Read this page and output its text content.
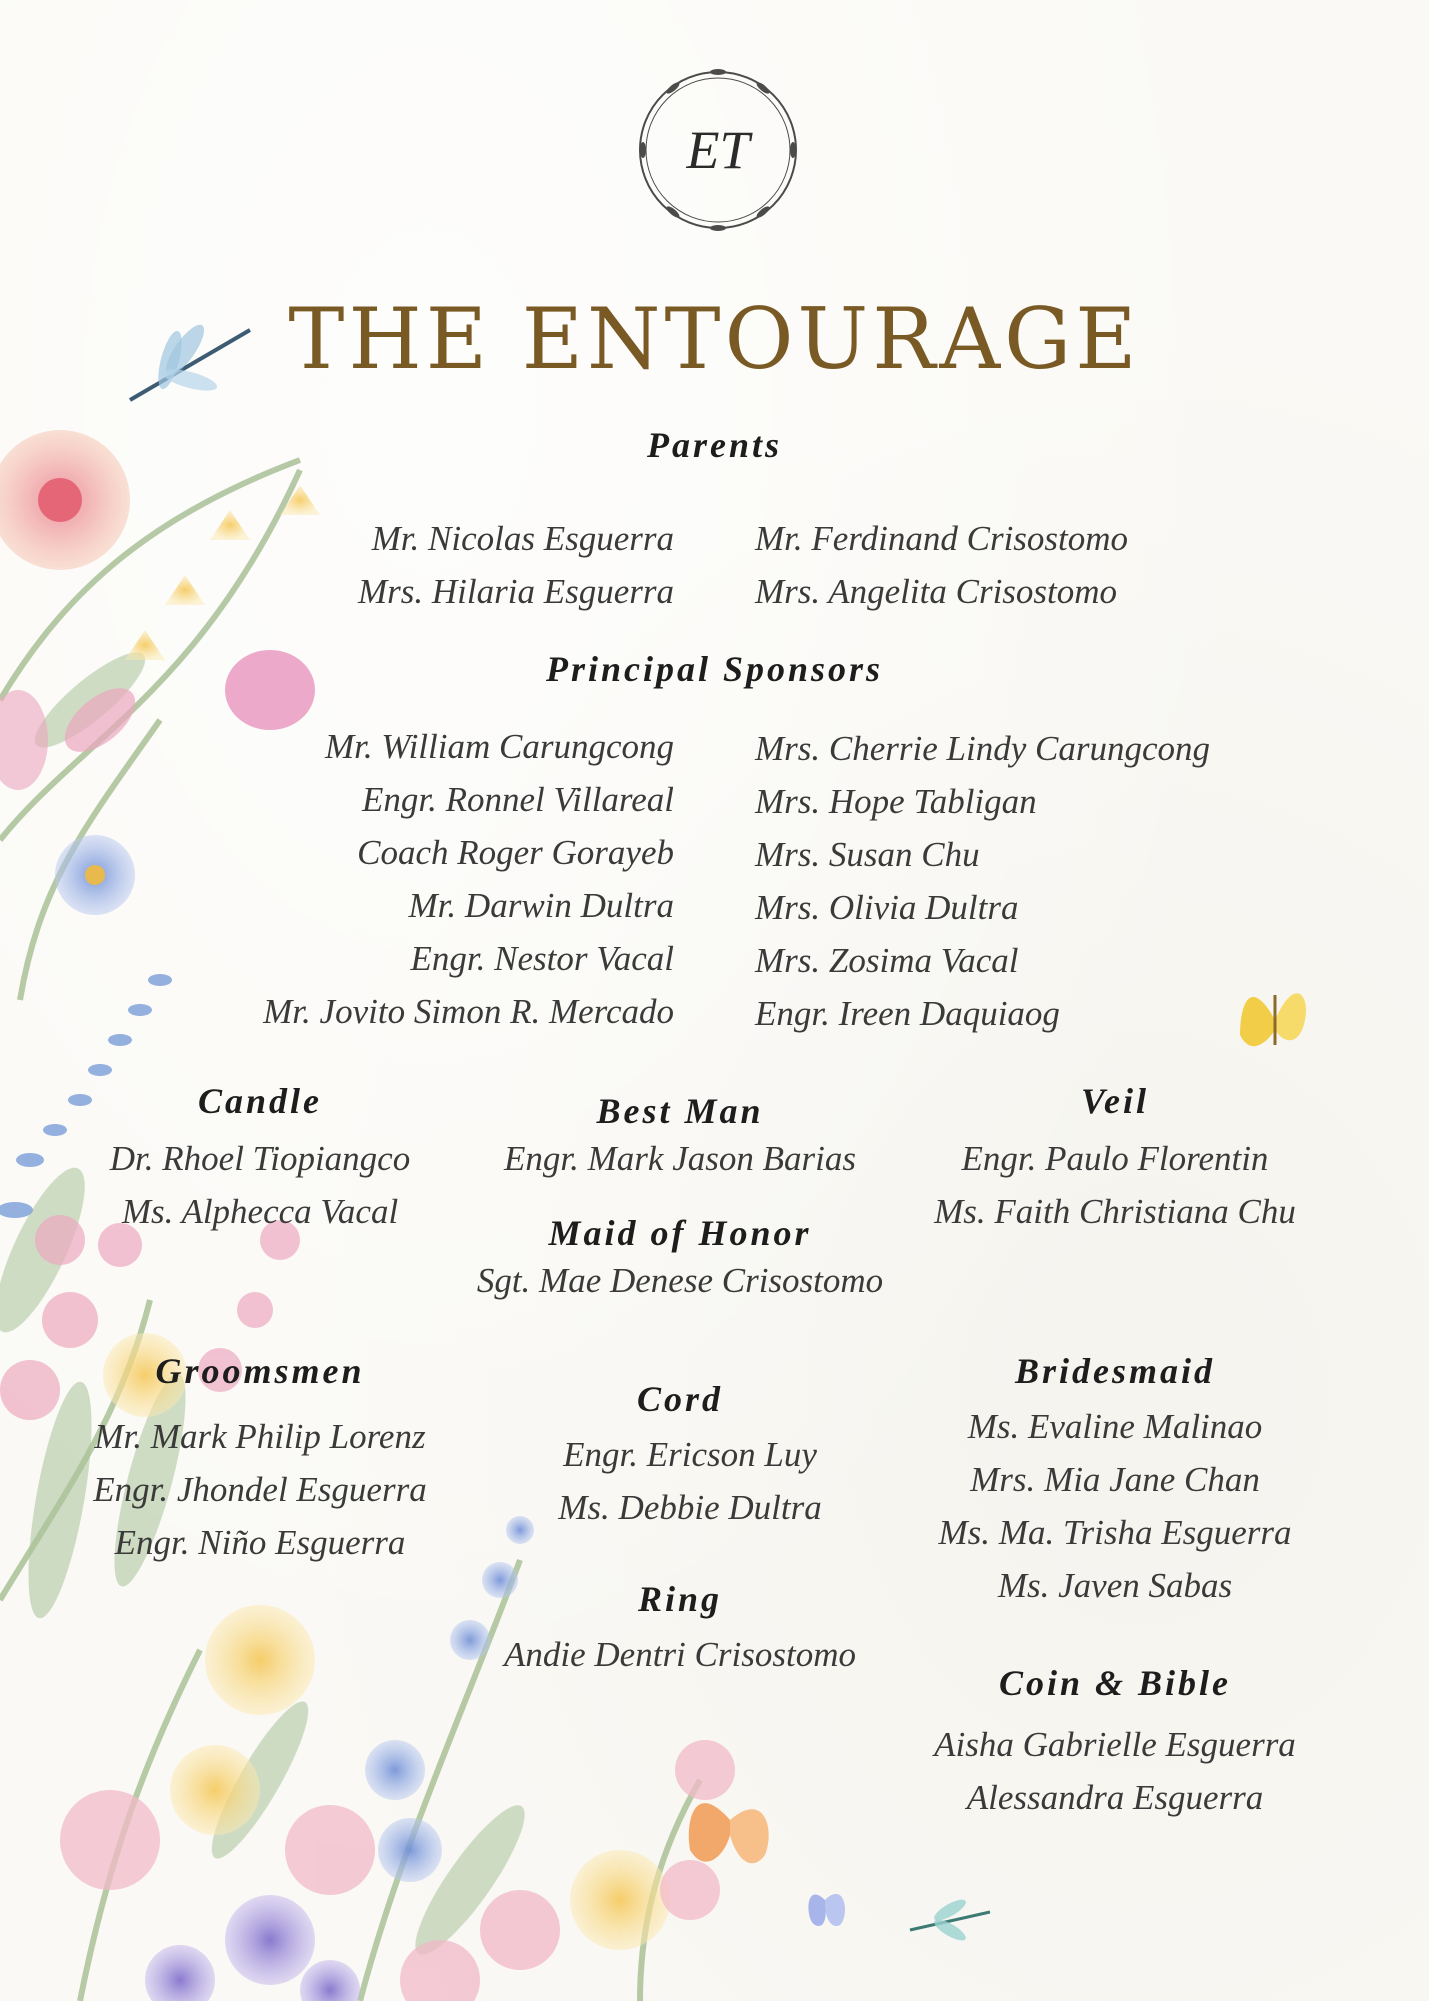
ET
THE ENTOURAGE
Parents
Mr. Nicolas Esguerra
Mrs. Hilaria Esguerra
Mr. Ferdinand Crisostomo
Mrs. Angelita Crisostomo
Principal Sponsors
Mr. William Carungcong
Engr. Ronnel Villareal
Coach Roger Gorayeb
Mr. Darwin Dultra
Engr. Nestor Vacal
Mr. Jovito Simon R. Mercado
Mrs. Cherrie Lindy Carungcong
Mrs. Hope Tabligan
Mrs. Susan Chu
Mrs. Olivia Dultra
Mrs. Zosima Vacal
Engr. Ireen Daquiaog
Candle
Dr. Rhoel Tiopiangco
Ms. Alphecca Vacal
Best Man
Engr. Mark Jason Barias
Maid of Honor
Sgt. Mae Denese Crisostomo
Veil
Engr. Paulo Florentin
Ms. Faith Christiana Chu
Groomsmen
Mr. Mark Philip Lorenz
Engr. Jhondel Esguerra
Engr. Niño Esguerra
Cord
Engr. Ericson Luy
Ms. Debbie Dultra
Ring
Andie Dentri Crisostomo
Bridesmaid
Ms. Evaline Malinao
Mrs. Mia Jane Chan
Ms. Ma. Trisha Esguerra
Ms. Javen Sabas
Coin & Bible
Aisha Gabrielle Esguerra
Alessandra Esguerra
